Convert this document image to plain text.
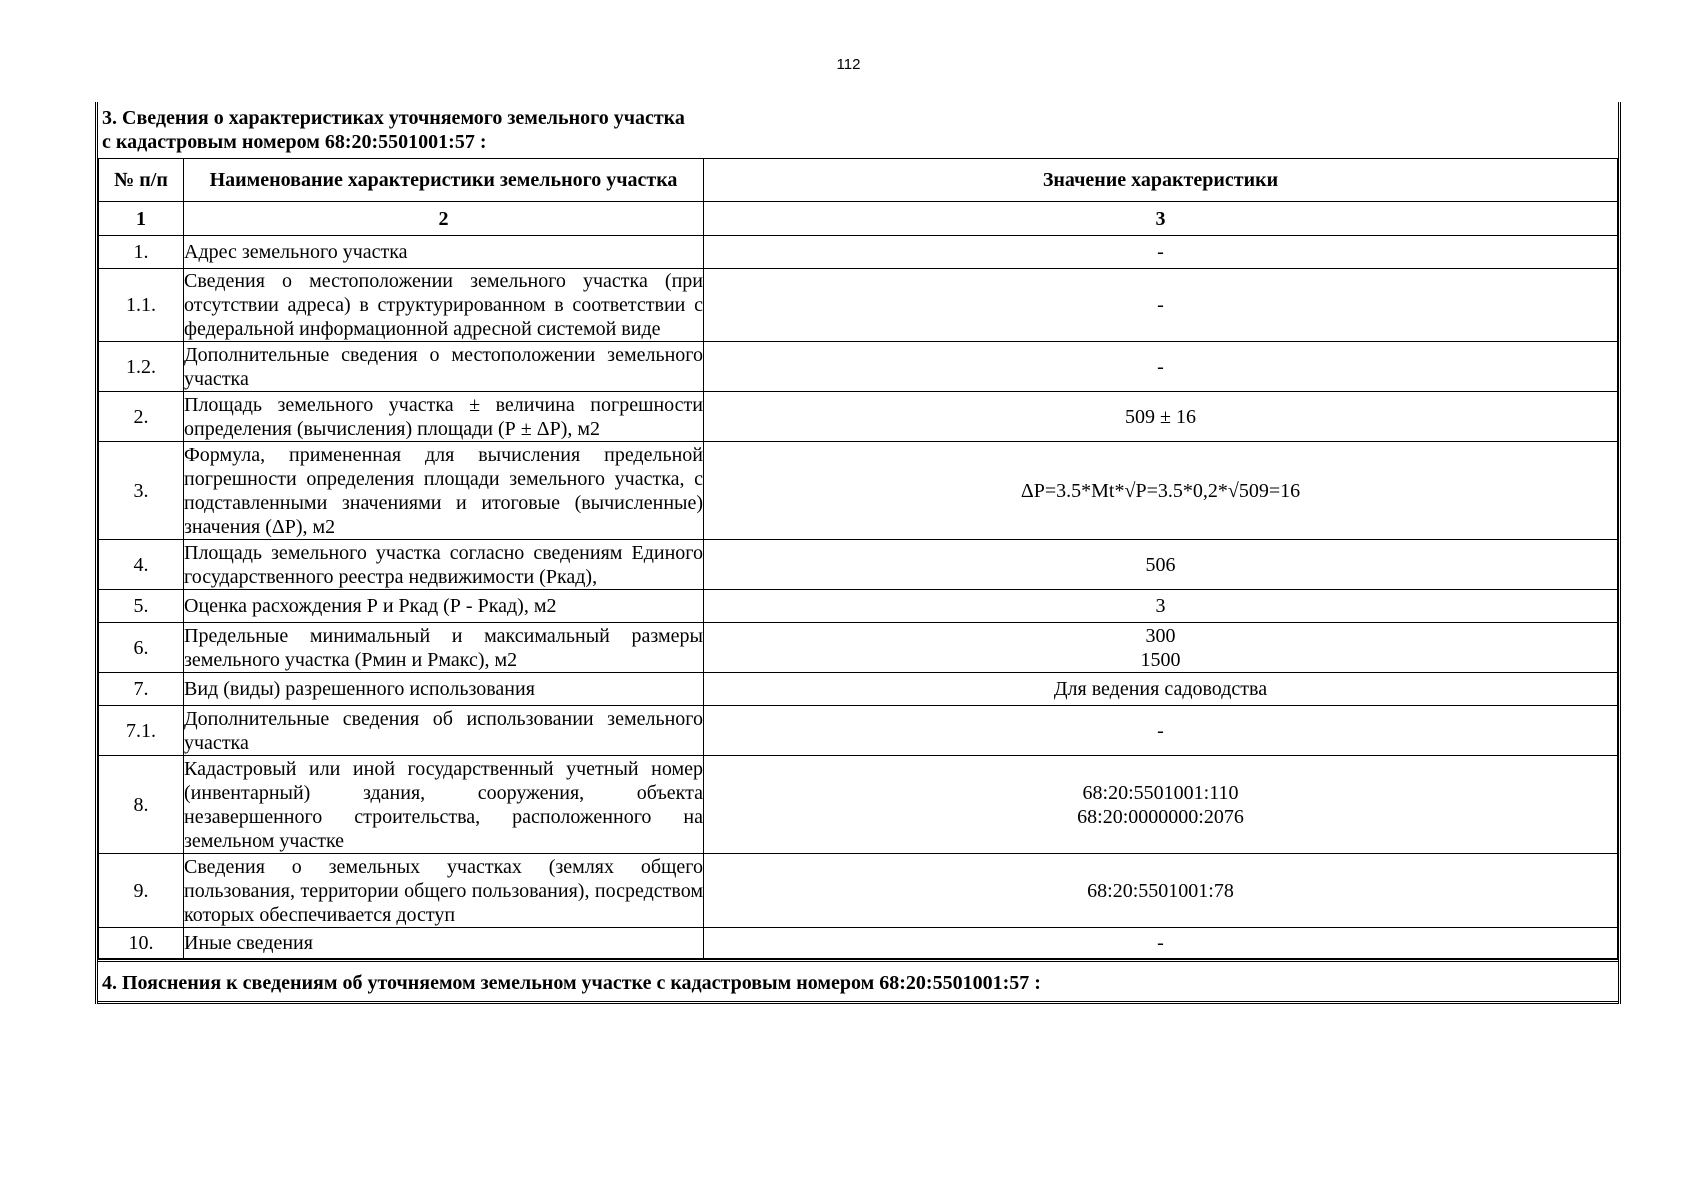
112
3. Сведения о характеристиках уточняемого земельного участка
с кадастровым номером 68:20:5501001:57 :
№ п/п	Наименование характеристики земельного участка	Значение характеристики
1	2	3
1.	Адрес земельного участка	-
1.1.	Сведения о местоположении земельного участка (при отсутствии адреса) в структурированном в соответствии с федеральной информационной адресной системой виде	-
1.2.	Дополнительные сведения о местоположении земельного участка	-
2.	Площадь земельного участка ± величина погрешности определения (вычисления) площади (Р ± ΔР), м2	509 ± 16
3.	Формула, примененная для вычисления предельной погрешности определения площади земельного участка, с подставленными значениями и итоговые (вычисленные) значения (ΔР), м2	ΔР=3.5*Mt*√P=3.5*0,2*√509=16
4.	Площадь земельного участка согласно сведениям Единого государственного реестра недвижимости (Ркад),	506
5.	Оценка расхождения Р и Ркад (Р - Ркад), м2	3
6.	Предельные минимальный и максимальный размеры земельного участка (Рмин и Рмакс), м2	300
1500
7.	Вид (виды) разрешенного использования	Для ведения садоводства
7.1.	Дополнительные сведения об использовании земельного участка	-
8.	Кадастровый или иной государственный учетный номер (инвентарный) здания, сооружения, объекта незавершенного строительства, расположенного на земельном участке	68:20:5501001:110
68:20:0000000:2076
9.	Сведения о земельных участках (землях общего пользования, территории общего пользования), посредством которых обеспечивается доступ	68:20:5501001:78
10.	Иные сведения	-
4. Пояснения к сведениям об уточняемом земельном участке с кадастровым номером 68:20:5501001:57 :
